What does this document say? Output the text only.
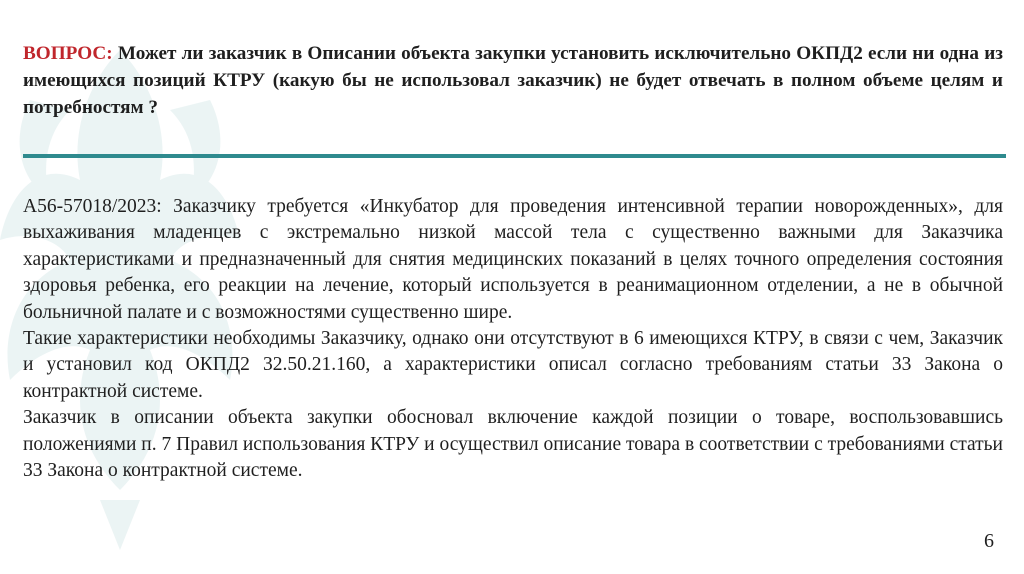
ВОПРОС: Может ли заказчик в Описании объекта закупки установить исключительно ОКПД2 если ни одна из имеющихся позиций КТРУ (какую бы не использовал заказчик) не будет отвечать в полном объеме целям и потребностям ?

А56-57018/2023: Заказчику требуется «Инкубатор для проведения интенсивной терапии новорожденных», для выхаживания младенцев с экстремально низкой массой тела с существенно важными для Заказчика характеристиками и предназначенный для снятия медицинских показаний в целях точного определения состояния здоровья ребенка, его реакции на лечение, который используется в реанимационном отделении, а не в обычной больничной палате и с возможностями существенно шире.

Такие характеристики необходимы Заказчику, однако они отсутствуют в 6 имеющихся КТРУ, в связи с чем, Заказчик и установил код ОКПД2 32.50.21.160, а характеристики описал согласно требованиям статьи 33 Закона о контрактной системе.

Заказчик в описании объекта закупки обосновал включение каждой позиции о товаре, воспользовавшись положениями п. 7 Правил использования КТРУ и осуществил описание товара в соответствии с требованиями статьи 33 Закона о контрактной системе.

6
